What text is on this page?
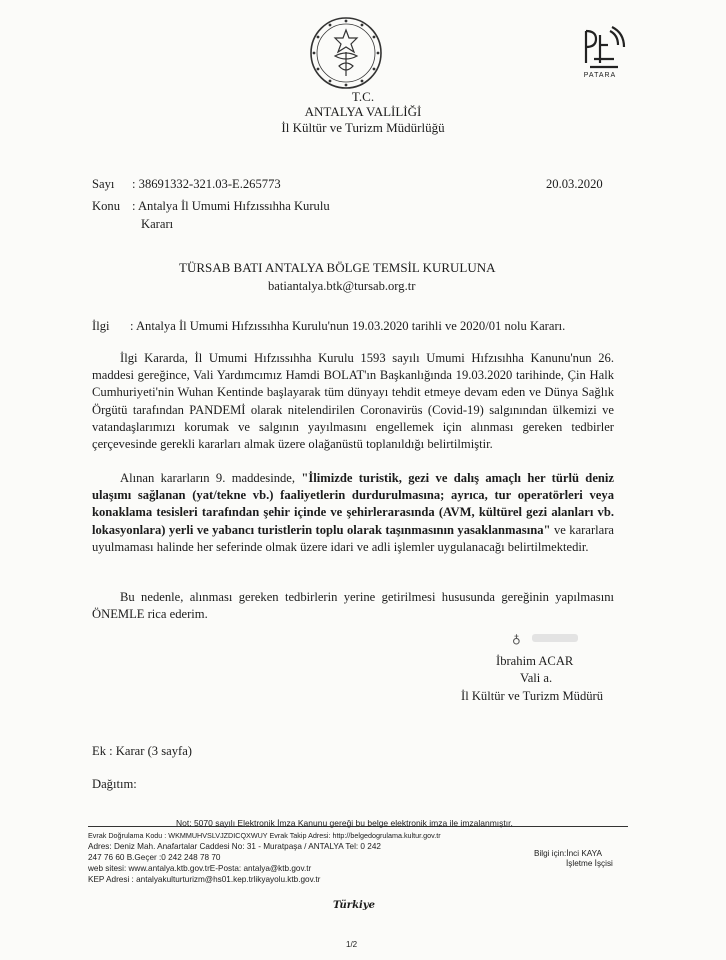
PATARA
T.C.
ANTALYA VALİLİĞİ
İl Kültür ve Turizm Müdürlüğü
Sayı : 38691332-321.03-E.265773	20.03.2020
Konu : Antalya İl Umumi Hıfzıssıhha Kurulu
Kararı
TÜRSAB BATI ANTALYA BÖLGE TEMSİL KURULUNA
batiantalya.btk@tursab.org.tr
İlgi : Antalya İl Umumi Hıfzıssıhha Kurulu'nun 19.03.2020 tarihli ve 2020/01 nolu Kararı.
İlgi Kararda, İl Umumi Hıfzıssıhha Kurulu 1593 sayılı Umumi Hıfzısıhha Kanunu'nun 26. maddesi gereğince, Vali Yardımcımız Hamdi BOLAT'ın Başkanlığında 19.03.2020 tarihinde, Çin Halk Cumhuriyeti'nin Wuhan Kentinde başlayarak tüm dünyayı tehdit etmeye devam eden ve Dünya Sağlık Örgütü tarafından PANDEMİ olarak nitelendirilen Coronavirüs (Covid-19) salgınından ülkemizi ve vatandaşlarımızı korumak ve salgının yayılmasını engellemek için alınması gereken tedbirler çerçevesinde gerekli kararları almak üzere olağanüstü toplanıldığı belirtilmiştir.
Alınan kararların 9. maddesinde, "İlimizde turistik, gezi ve dalış amaçlı her türlü deniz ulaşımı sağlanan (yat/tekne vb.) faaliyetlerin durdurulmasına; ayrıca, tur operatörleri veya konaklama tesisleri tarafından şehir içinde ve şehirlerarasında (AVM, kültürel gezi alanları vb. lokasyonlara) yerli ve yabancı turistlerin toplu olarak taşınmasının yasaklanmasına" ve kararlara uyulmaması halinde her seferinde olmak üzere idari ve adli işlemler uygulanacağı belirtilmektedir.
Bu nedenle, alınması gereken tedbirlerin yerine getirilmesi hususunda gereğinin yapılmasını ÖNEMLE rica ederim.
♁
İbrahim ACAR
Vali a.
İl Kültür ve Turizm Müdürü
Ek : Karar (3 sayfa)
Dağıtım:
Not: 5070 sayılı Elektronik İmza Kanunu gereği bu belge elektronik imza ile imzalanmıştır.
Evrak Doğrulama Kodu : WKMMUHVSLVJZDICQXWUY Evrak Takip Adresi: http://belgedogrulama.kultur.gov.tr
Adres: Deniz Mah. Anafartalar Caddesi No: 31 - Muratpaşa / ANTALYA Tel: 0 242
247 76 60 B.Geçer :0 242 248 78 70
web sitesi: www.antalya.ktb.gov.trE-Posta: antalya@ktb.gov.tr
KEP Adresi : antalyakulturturizm@hs01.kep.trlikyayolu.ktb.gov.tr
Bilgi için:İnci KAYA
İşletme İşçisi
Türkiye
1/2
